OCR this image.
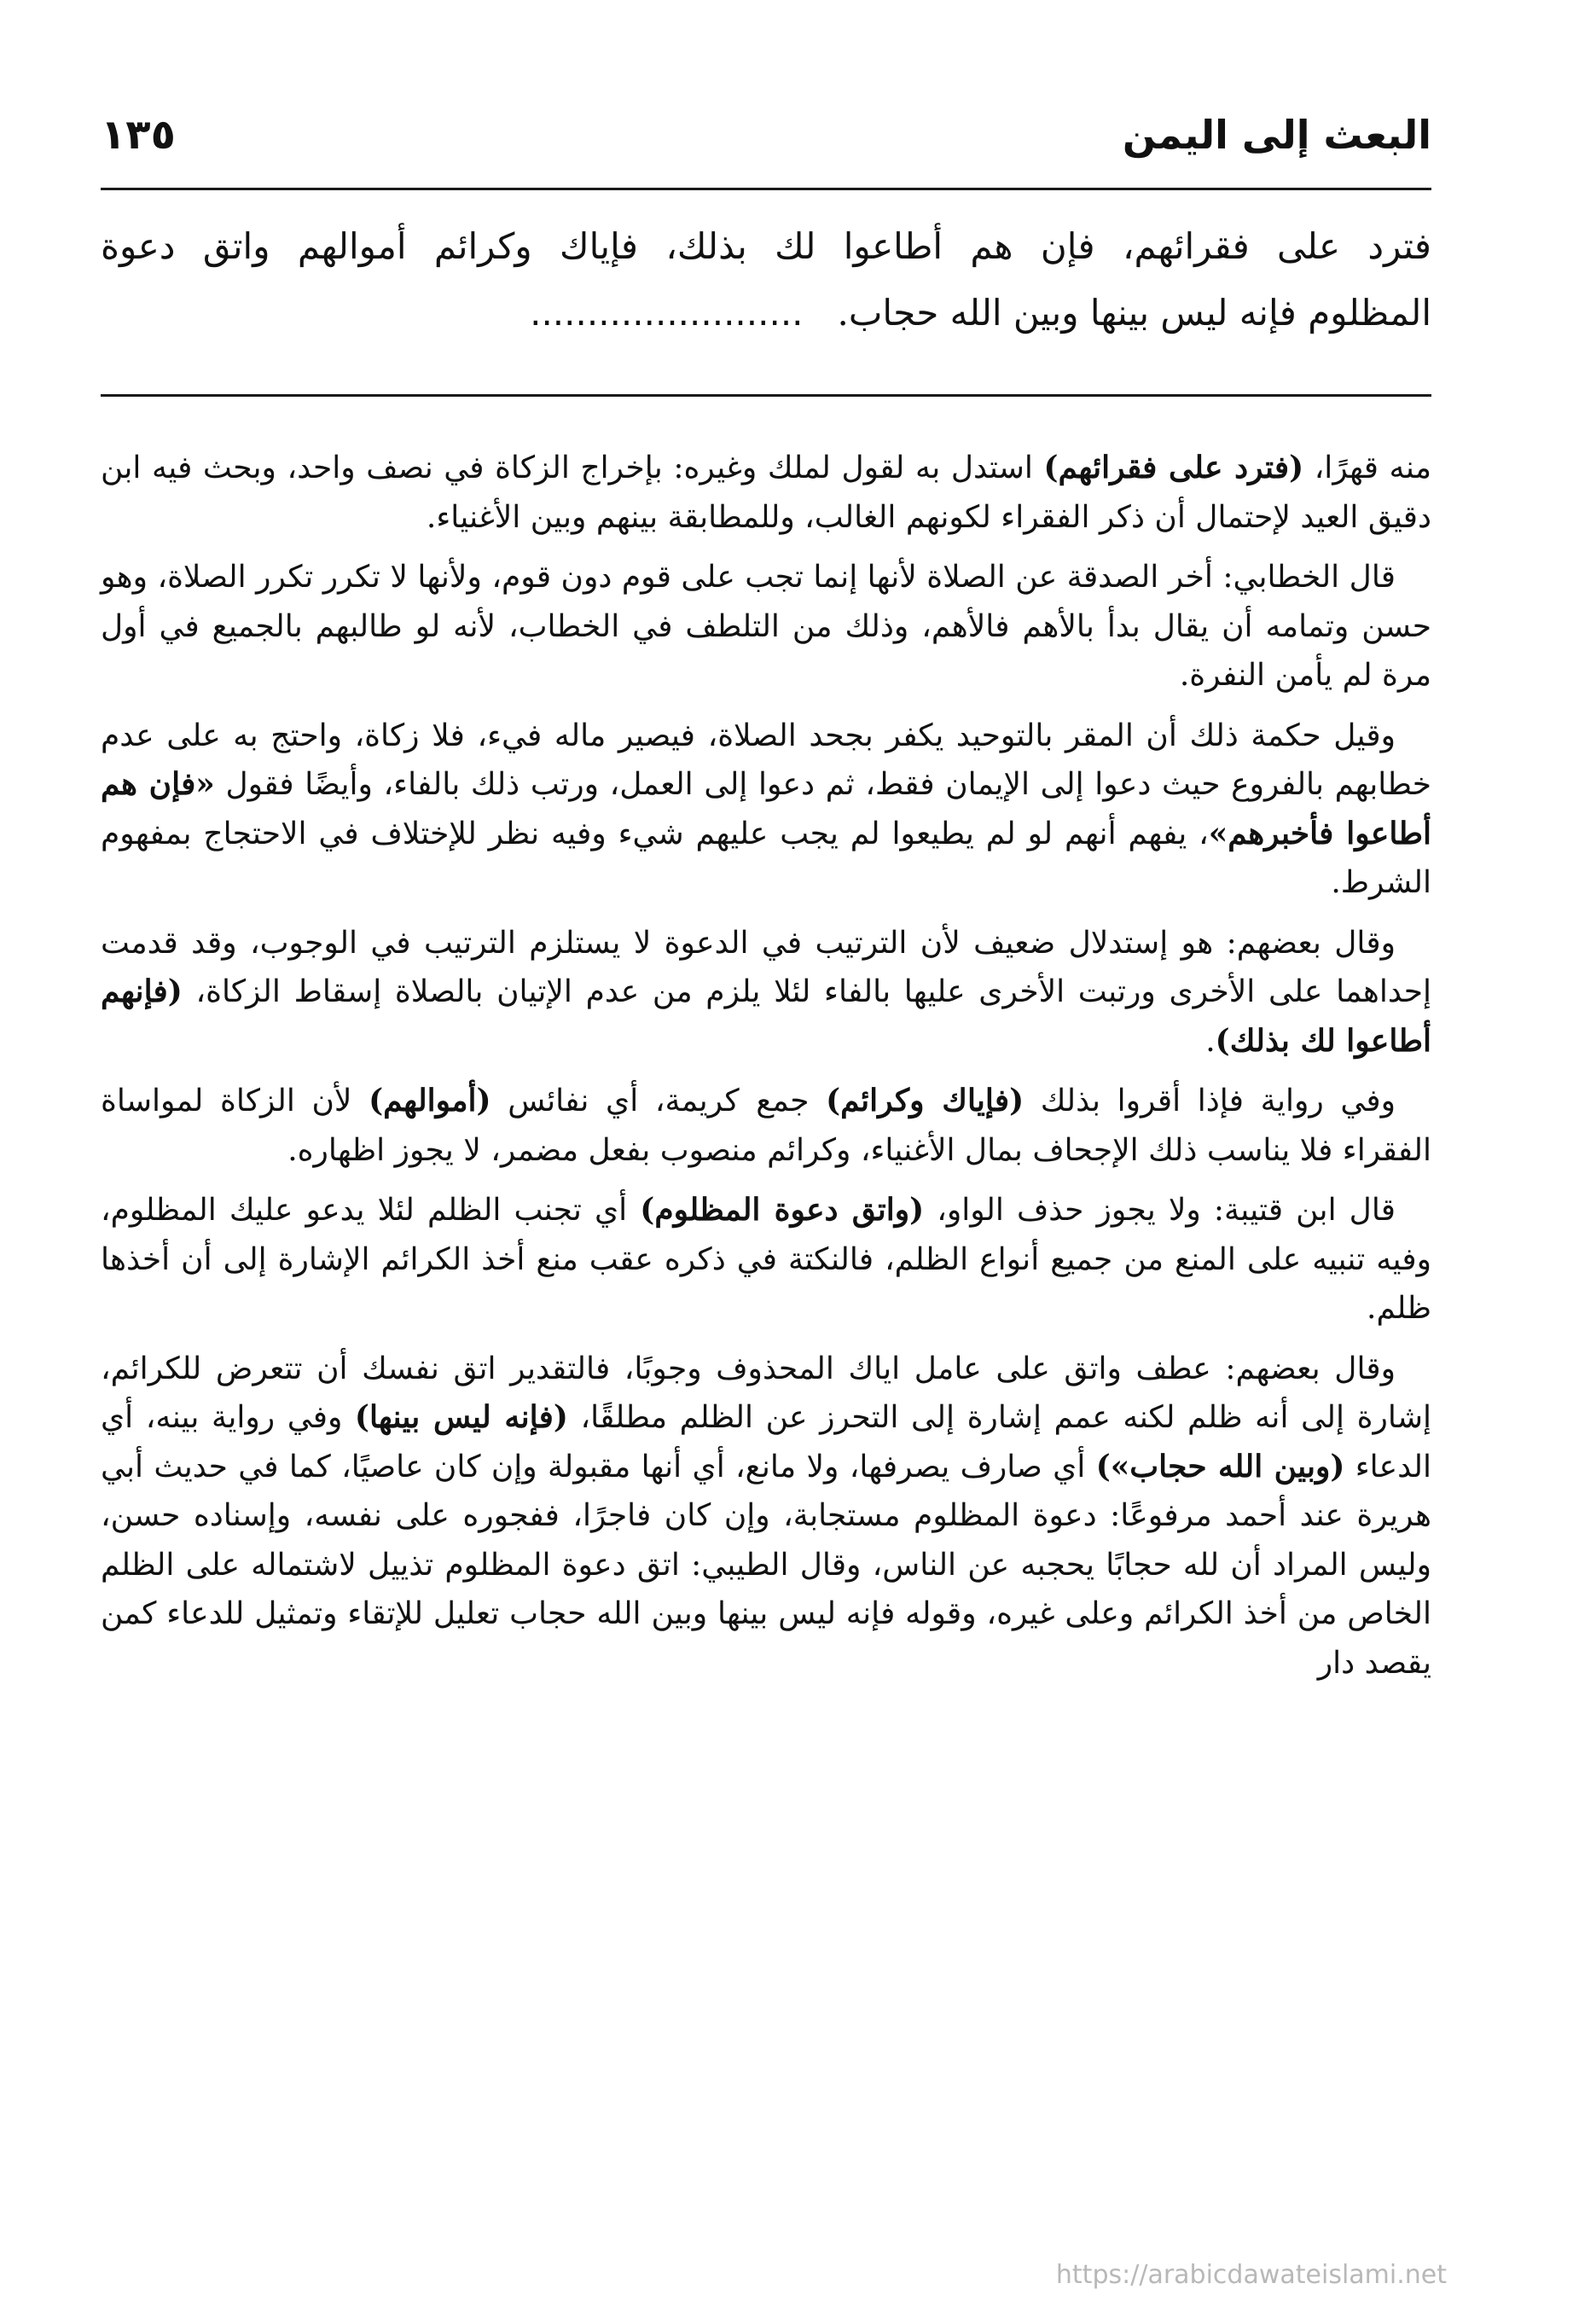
البعث إلى اليمن
١٣٥
فترد على فقرائهم، فإن هم أطاعوا لك بذلك، فإياك وكرائم أموالهم واتق دعوة
المظلوم فإنه ليس بينها وبين الله حجاب.........................

منه قهرًا، (فترد على فقرائهم) استدل به لقول لملك وغيره: بإخراج الزكاة في نصف واحد، وبحث فيه ابن دقيق العيد لإحتمال أن ذكر الفقراء لكونهم الغالب، وللمطابقة بينهم وبين الأغنياء.

قال الخطابي: أخر الصدقة عن الصلاة لأنها إنما تجب على قوم دون قوم، ولأنها لا تكرر تكرر الصلاة، وهو حسن وتمامه أن يقال بدأ بالأهم فالأهم، وذلك من التلطف في الخطاب، لأنه لو طالبهم بالجميع في أول مرة لم يأمن النفرة.

وقيل حكمة ذلك أن المقر بالتوحيد يكفر بجحد الصلاة، فيصير ماله فيء، فلا زكاة، واحتج به على عدم خطابهم بالفروع حيث دعوا إلى الإيمان فقط، ثم دعوا إلى العمل، ورتب ذلك بالفاء، وأيضًا فقول «فإن هم أطاعوا فأخبرهم»، يفهم أنهم لو لم يطيعوا لم يجب عليهم شيء وفيه نظر للإختلاف في الاحتجاج بمفهوم الشرط.

وقال بعضهم: هو إستدلال ضعيف لأن الترتيب في الدعوة لا يستلزم الترتيب في الوجوب، وقد قدمت إحداهما على الأخرى ورتبت الأخرى عليها بالفاء لئلا يلزم من عدم الإتيان بالصلاة إسقاط الزكاة، (فإنهم أطاعوا لك بذلك).

وفي رواية فإذا أقروا بذلك (فإياك وكرائم) جمع كريمة، أي نفائس (أموالهم) لأن الزكاة لمواساة الفقراء فلا يناسب ذلك الإجحاف بمال الأغنياء، وكرائم منصوب بفعل مضمر، لا يجوز اظهاره.

قال ابن قتيبة: ولا يجوز حذف الواو، (واتق دعوة المظلوم) أي تجنب الظلم لئلا يدعو عليك المظلوم، وفيه تنبيه على المنع من جميع أنواع الظلم، فالنكتة في ذكره عقب منع أخذ الكرائم الإشارة إلى أن أخذها ظلم.

وقال بعضهم: عطف واتق على عامل اياك المحذوف وجوبًا، فالتقدير اتق نفسك أن تتعرض للكرائم، إشارة إلى أنه ظلم لكنه عمم إشارة إلى التحرز عن الظلم مطلقًا، (فإنه ليس بينها) وفي رواية بينه، أي الدعاء (وبين الله حجاب») أي صارف يصرفها، ولا مانع، أي أنها مقبولة وإن كان عاصيًا، كما في حديث أبي هريرة عند أحمد مرفوعًا: دعوة المظلوم مستجابة، وإن كان فاجرًا، ففجوره على نفسه، وإسناده حسن، وليس المراد أن لله حجابًا يحجبه عن الناس، وقال الطيبي: اتق دعوة المظلوم تذييل لاشتماله على الظلم الخاص من أخذ الكرائم وعلى غيره، وقوله فإنه ليس بينها وبين الله حجاب تعليل للإتقاء وتمثيل للدعاء كمن يقصد دار

https://arabicdawateislami.net
